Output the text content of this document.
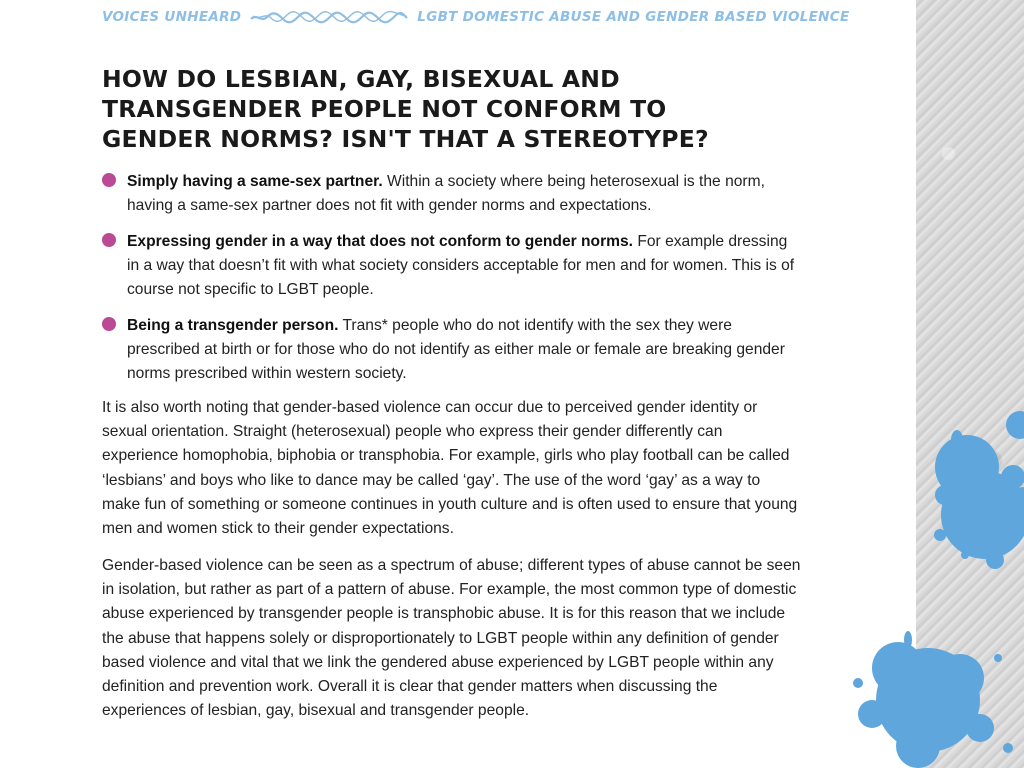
VOICES UNHEARD	LGBT DOMESTIC ABUSE AND GENDER BASED VIOLENCE
HOW DO LESBIAN, GAY, BISEXUAL AND
TRANSGENDER PEOPLE NOT CONFORM TO
GENDER NORMS? ISN'T THAT A STEREOTYPE?
Simply having a same-sex partner. Within a society where being heterosexual is the norm, having a same-sex partner does not fit with gender norms and expectations.
Expressing gender in a way that does not conform to gender norms. For example dressing in a way that doesn’t fit with what society considers acceptable for men and for women. This is of course not specific to LGBT people.
Being a transgender person. Trans* people who do not identify with the sex they were prescribed at birth or for those who do not identify as either male or female are breaking gender norms prescribed within western society.

It is also worth noting that gender-based violence can occur due to perceived gender identity or sexual orientation. Straight (heterosexual) people who express their gender differently can experience homophobia, biphobia or transphobia. For example, girls who play football can be called ‘lesbians’ and boys who like to dance may be called ‘gay’. The use of the word ‘gay’ as a way to make fun of something or someone continues in youth culture and is often used to ensure that young men and women stick to their gender expectations.

Gender-based violence can be seen as a spectrum of abuse; different types of abuse cannot be seen in isolation, but rather as part of a pattern of abuse. For example, the most common type of domestic abuse experienced by transgender people is transphobic abuse. It is for this reason that we include the abuse that happens solely or disproportionately to LGBT people within any definition of gender based violence and vital that we link the gendered abuse experienced by LGBT people within any definition and prevention work. Overall it is clear that gender matters when discussing the experiences of lesbian, gay, bisexual and transgender people.
